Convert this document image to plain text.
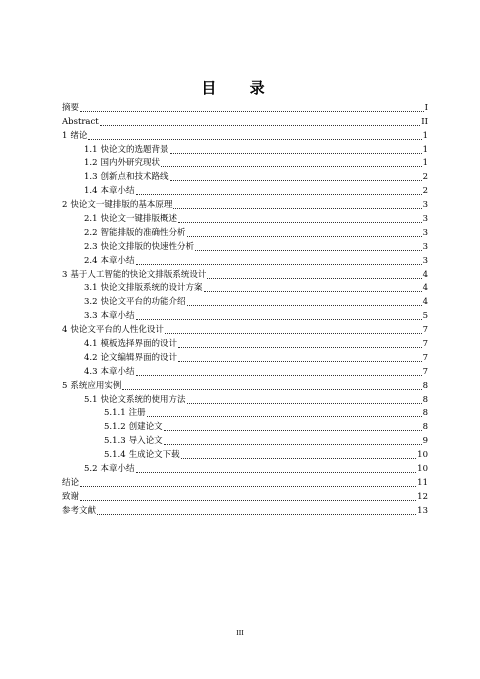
目 录
摘要	I
Abstract	II
1 绪论	1
1.1 快论文的选题背景	1
1.2 国内外研究现状	1
1.3 创新点和技术路线	2
1.4 本章小结	2
2 快论文一键排版的基本原理	3
2.1 快论文一键排版概述	3
2.2 智能排版的准确性分析	3
2.3 快论文排版的快速性分析	3
2.4 本章小结	3
3 基于人工智能的快论文排版系统设计	4
3.1 快论文排版系统的设计方案	4
3.2 快论文平台的功能介绍	4
3.3 本章小结	5
4 快论文平台的人性化设计	7
4.1 模板选择界面的设计	7
4.2 论文编辑界面的设计	7
4.3 本章小结	7
5 系统应用实例	8
5.1 快论文系统的使用方法	8
5.1.1 注册	8
5.1.2 创建论文	8
5.1.3 导入论文	9
5.1.4 生成论文下载	10
5.2 本章小结	10
结论	11
致谢	12
参考文献	13
III
